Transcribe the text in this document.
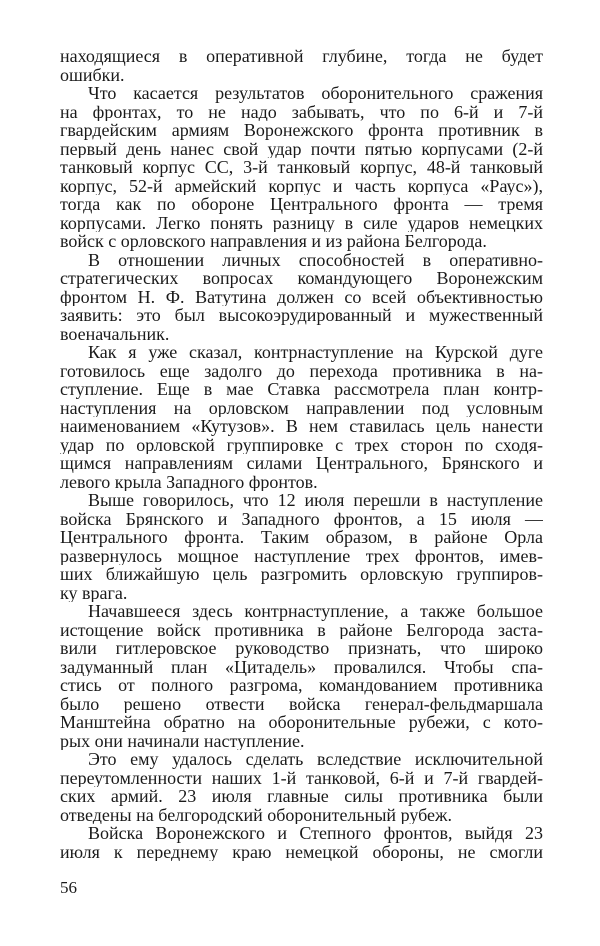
находящиеся в оперативной глубине, тогда не будет
ошибки.
Что касается результатов оборонительного сражения
на фронтах, то не надо забывать, что по 6-й и 7-й
гвардейским армиям Воронежского фронта противник в
первый день нанес свой удар почти пятью корпусами (2-й
танковый корпус СС, 3-й танковый корпус, 48-й танковый
корпус, 52-й армейский корпус и часть корпуса «Раус»),
тогда как по обороне Центрального фронта — тремя
корпусами. Легко понять разницу в силе ударов немецких
войск с орловского направления и из района Белгорода.
В отношении личных способностей в оперативно-
стратегических вопросах командующего Воронежским
фронтом Н. Ф. Ватутина должен со всей объективностью
заявить: это был высокоэрудированный и мужественный
военачальник.
Как я уже сказал, контрнаступление на Курской дуге
готовилось еще задолго до перехода противника в на-
ступление. Еще в мае Ставка рассмотрела план контр-
наступления на орловском направлении под условным
наименованием «Кутузов». В нем ставилась цель нанести
удар по орловской группировке с трех сторон по сходя-
щимся направлениям силами Центрального, Брянского и
левого крыла Западного фронтов.
Выше говорилось, что 12 июля перешли в наступление
войска Брянского и Западного фронтов, а 15 июля —
Центрального фронта. Таким образом, в районе Орла
развернулось мощное наступление трех фронтов, имев-
ших ближайшую цель разгромить орловскую группиров-
ку врага.
Начавшееся здесь контрнаступление, а также большое
истощение войск противника в районе Белгорода заста-
вили гитлеровское руководство признать, что широко
задуманный план «Цитадель» провалился. Чтобы спа-
стись от полного разгрома, командованием противника
было решено отвести войска генерал-фельдмаршала
Манштейна обратно на оборонительные рубежи, с кото-
рых они начинали наступление.
Это ему удалось сделать вследствие исключительной
переутомленности наших 1-й танковой, 6-й и 7-й гвардей-
ских армий. 23 июля главные силы противника были
отведены на белгородский оборонительный рубеж.
Войска Воронежского и Степного фронтов, выйдя 23
июля к переднему краю немецкой обороны, не смогли
56
